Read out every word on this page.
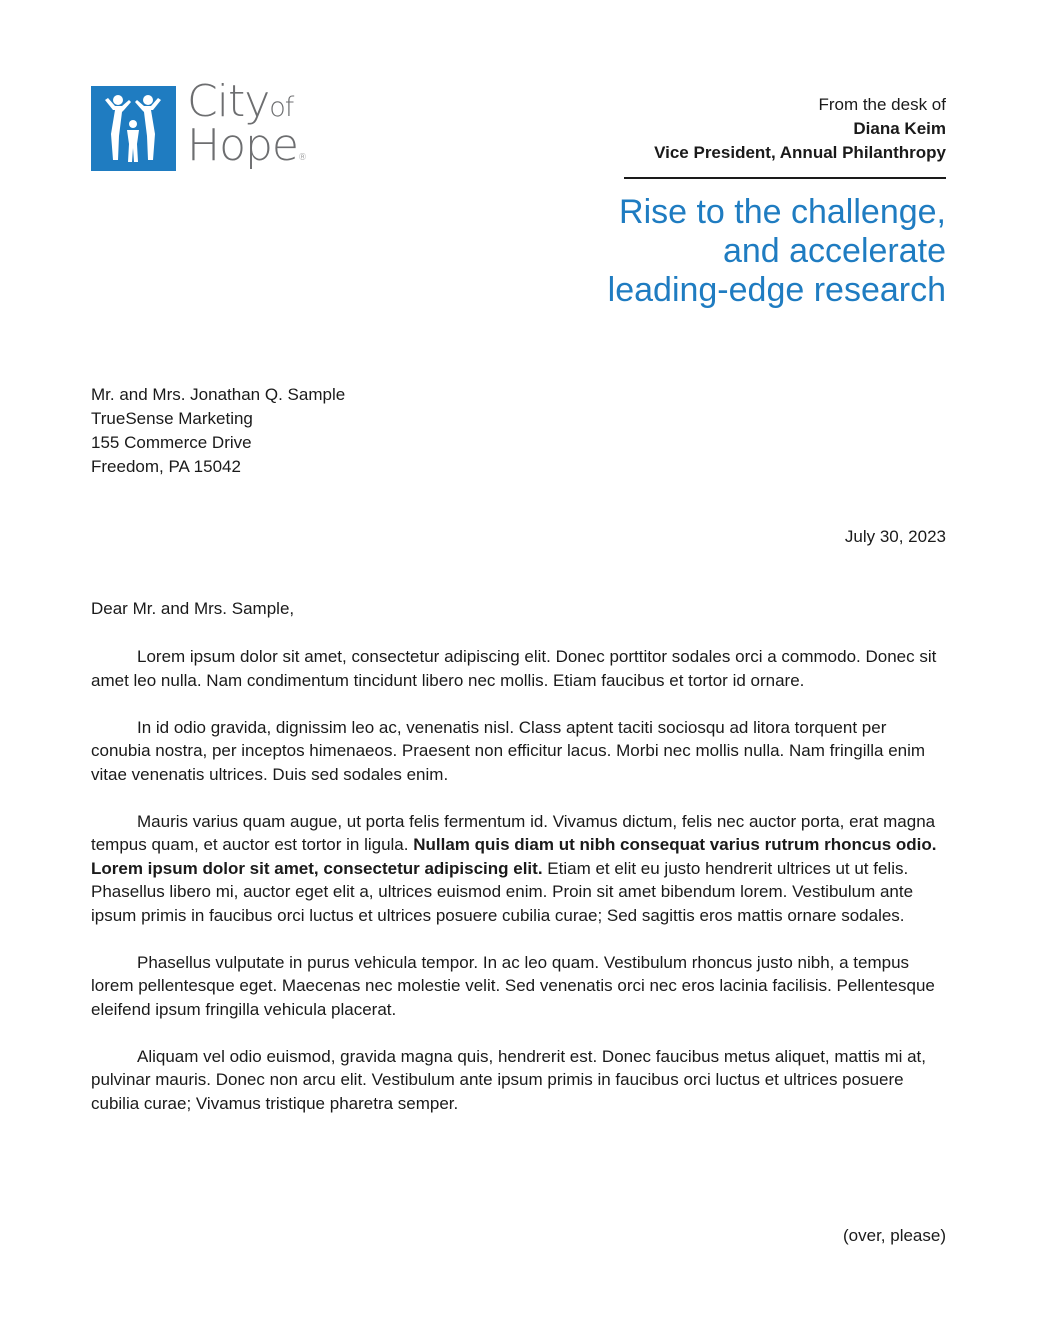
Cityof
Hope®
From the desk of
Diana Keim
Vice President, Annual Philanthropy
Rise to the challenge,
and accelerate
leading-edge research
Mr. and Mrs. Jonathan Q. Sample
TrueSense Marketing
155 Commerce Drive
Freedom, PA 15042
July 30, 2023
Dear Mr. and Mrs. Sample,

Lorem ipsum dolor sit amet, consectetur adipiscing elit. Donec porttitor sodales orci a commodo. Donec sit amet leo nulla. Nam condimentum tincidunt libero nec mollis. Etiam faucibus et tortor id ornare.

In id odio gravida, dignissim leo ac, venenatis nisl. Class aptent taciti sociosqu ad litora torquent per conubia nostra, per inceptos himenaeos. Praesent non efficitur lacus. Morbi nec mollis nulla. Nam fringilla enim vitae venenatis ultrices. Duis sed sodales enim.

Mauris varius quam augue, ut porta felis fermentum id. Vivamus dictum, felis nec auctor porta, erat magna tempus quam, et auctor est tortor in ligula. Nullam quis diam ut nibh consequat varius rutrum rhoncus odio. Lorem ipsum dolor sit amet, consectetur adipiscing elit. Etiam et elit eu justo hendrerit ultrices ut ut felis. Phasellus libero mi, auctor eget elit a, ultrices euismod enim. Proin sit amet bibendum lorem. Vestibulum ante ipsum primis in faucibus orci luctus et ultrices posuere cubilia curae; Sed sagittis eros mattis ornare sodales.

Phasellus vulputate in purus vehicula tempor. In ac leo quam. Vestibulum rhoncus justo nibh, a tempus lorem pellentesque eget. Maecenas nec molestie velit. Sed venenatis orci nec eros lacinia facilisis. Pellentesque eleifend ipsum fringilla vehicula placerat.

Aliquam vel odio euismod, gravida magna quis, hendrerit est. Donec faucibus metus aliquet, mattis mi at, pulvinar mauris. Donec non arcu elit. Vestibulum ante ipsum primis in faucibus orci luctus et ultrices posuere cubilia curae; Vivamus tristique pharetra semper.

(over, please)
